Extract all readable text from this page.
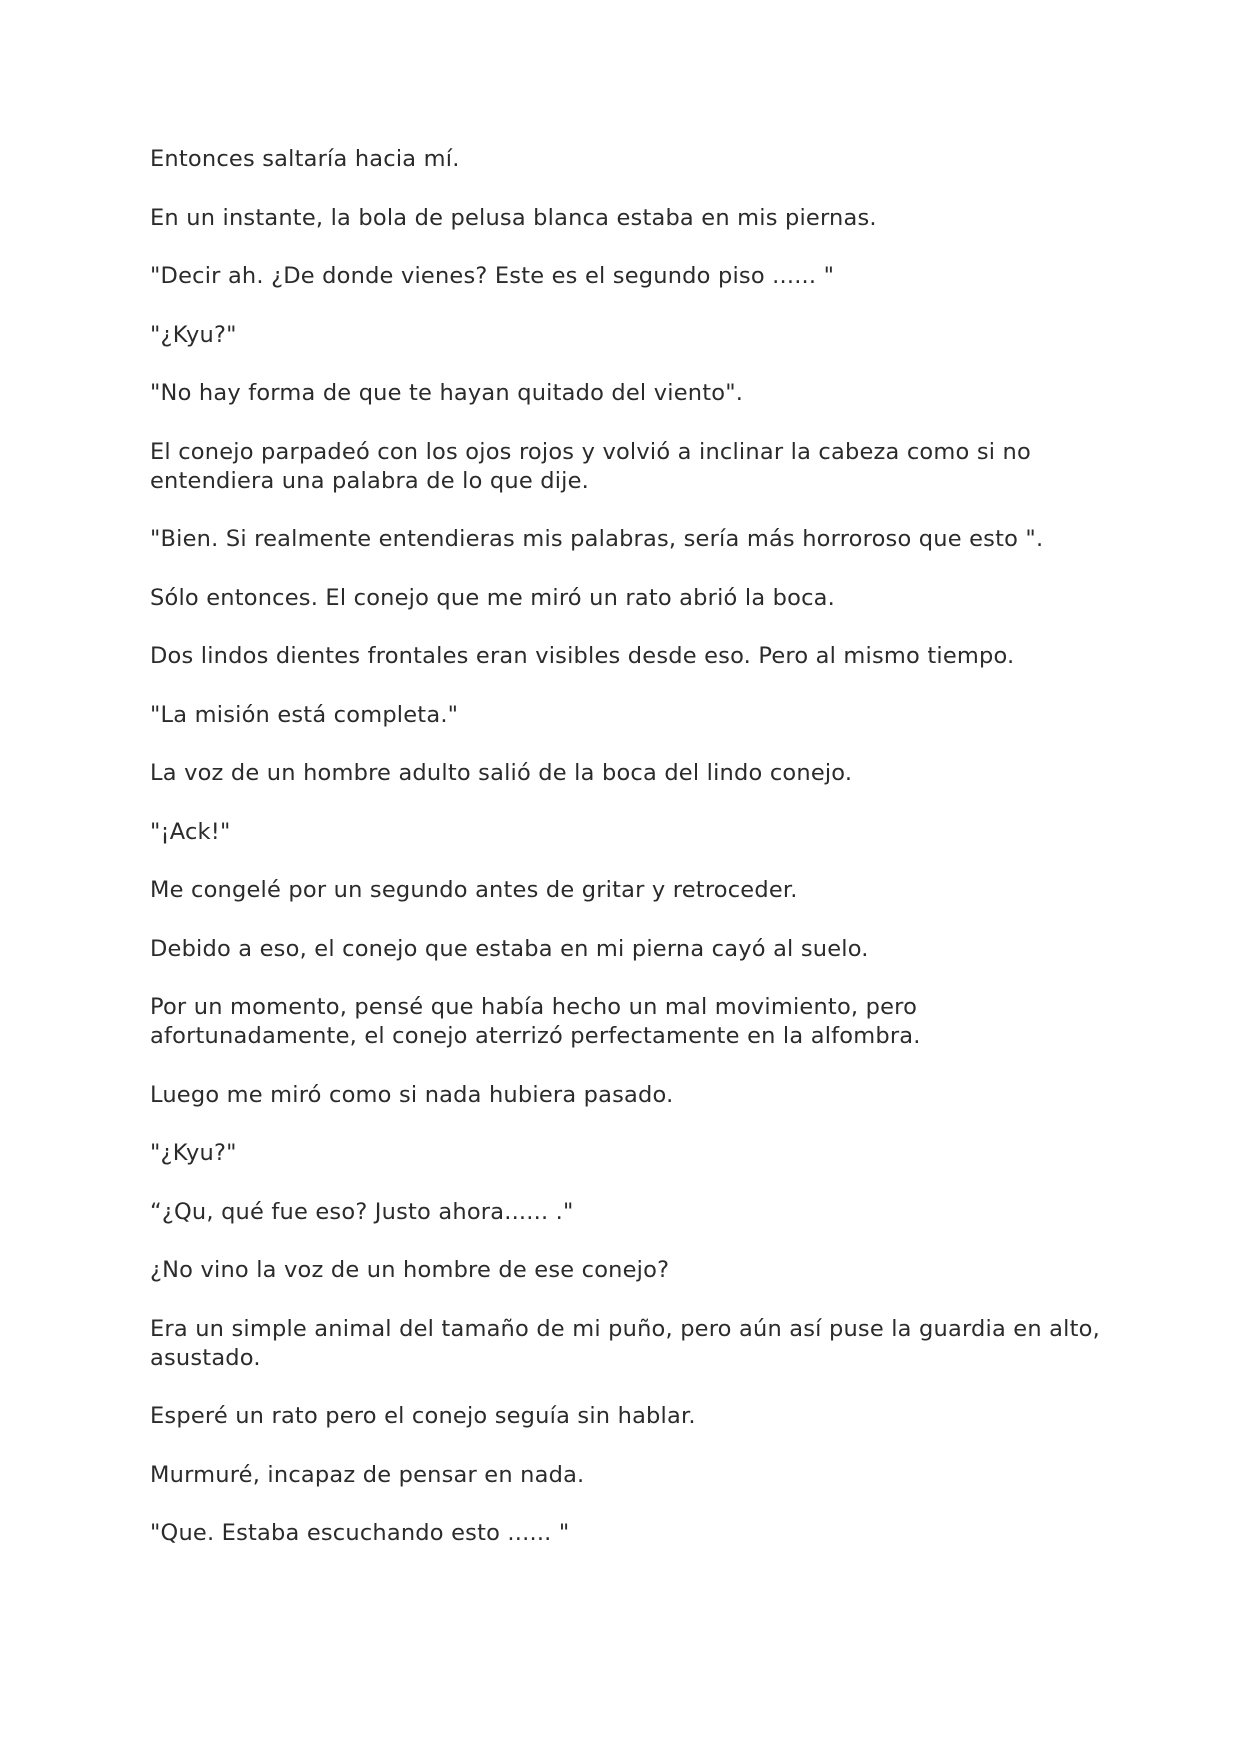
Entonces saltaría hacia mí.

En un instante, la bola de pelusa blanca estaba en mis piernas.

"Decir ah. ¿De donde vienes? Este es el segundo piso ...... "

"¿Kyu?"

"No hay forma de que te hayan quitado del viento".

El conejo parpadeó con los ojos rojos y volvió a inclinar la cabeza como si no entendiera una palabra de lo que dije.

"Bien. Si realmente entendieras mis palabras, sería más horroroso que esto ".

Sólo entonces. El conejo que me miró un rato abrió la boca.

Dos lindos dientes frontales eran visibles desde eso. Pero al mismo tiempo.

"La misión está completa."

La voz de un hombre adulto salió de la boca del lindo conejo.

"¡Ack!"

Me congelé por un segundo antes de gritar y retroceder.

Debido a eso, el conejo que estaba en mi pierna cayó al suelo.

Por un momento, pensé que había hecho un mal movimiento, pero afortunadamente, el conejo aterrizó perfectamente en la alfombra.

Luego me miró como si nada hubiera pasado.

"¿Kyu?"

“¿Qu, qué fue eso? Justo ahora...... ."

¿No vino la voz de un hombre de ese conejo?

Era un simple animal del tamaño de mi puño, pero aún así puse la guardia en alto, asustado.

Esperé un rato pero el conejo seguía sin hablar.

Murmuré, incapaz de pensar en nada.

"Que. Estaba escuchando esto ...... "
